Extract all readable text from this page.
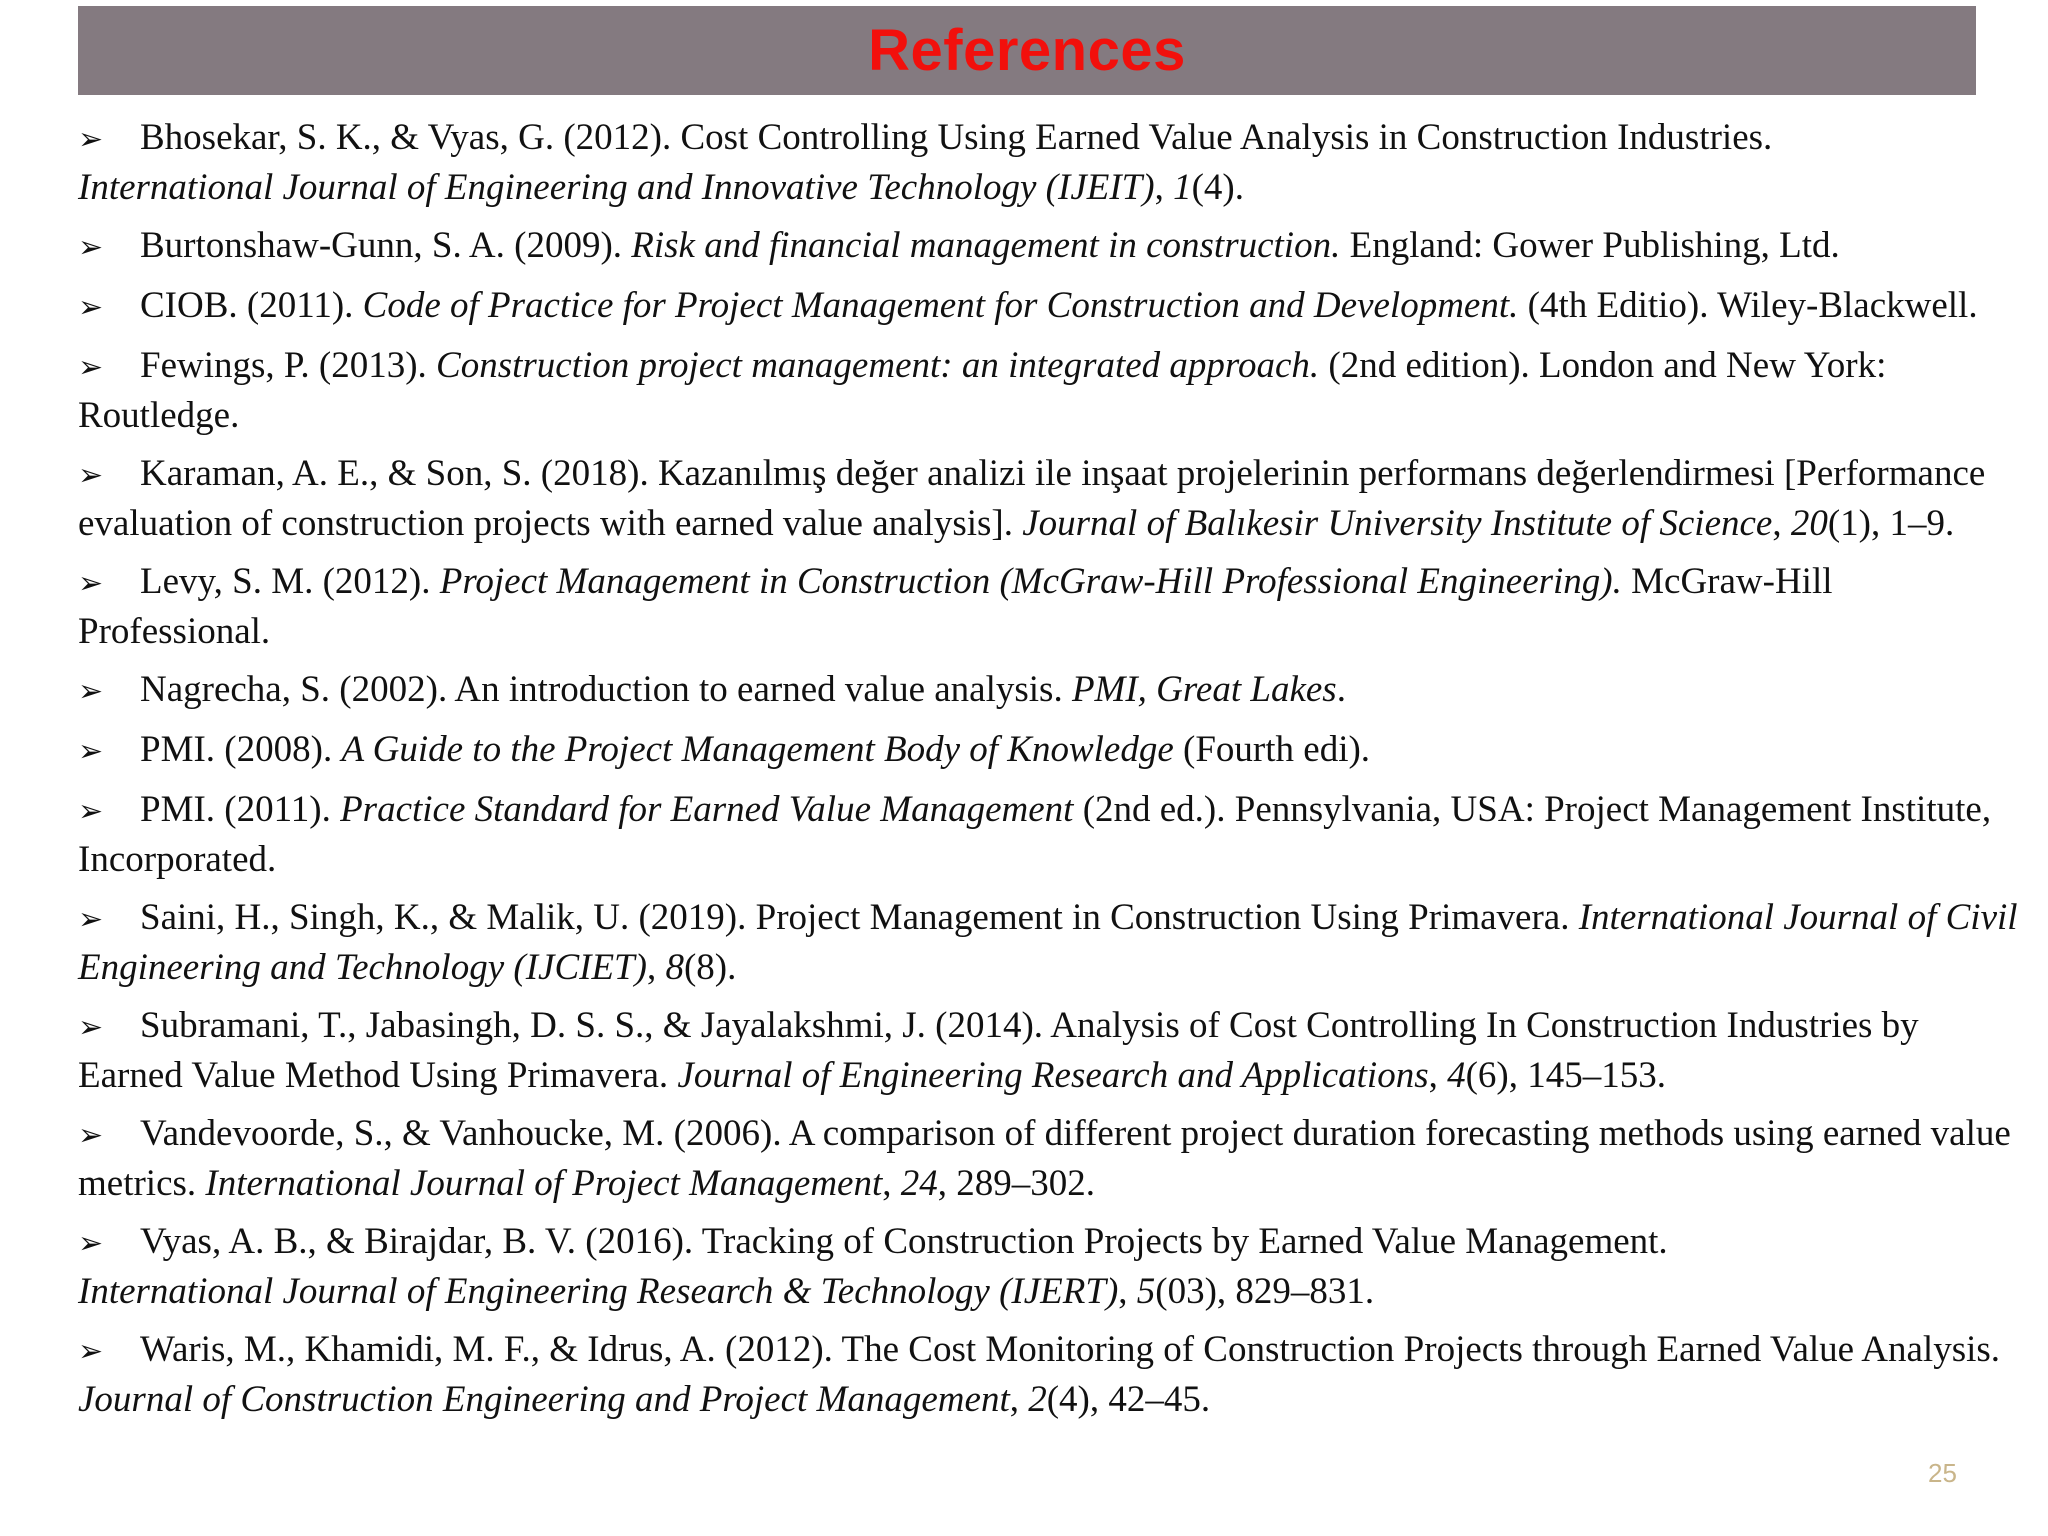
References

➢ Bhosekar, S. K., & Vyas, G. (2012). Cost Controlling Using Earned Value Analysis in Construction Industries.
International Journal of Engineering and Innovative Technology (IJEIT), 1(4).

➢ Burtonshaw-Gunn, S. A. (2009). Risk and financial management in construction. England: Gower Publishing, Ltd.

➢ CIOB. (2011). Code of Practice for Project Management for Construction and Development. (4th Editio). Wiley-Blackwell.

➢ Fewings, P. (2013). Construction project management: an integrated approach. (2nd edition). London and New York: Routledge.

➢ Karaman, A. E., & Son, S. (2018). Kazanılmış değer analizi ile inşaat projelerinin performans değerlendirmesi [Performance evaluation of construction projects with earned value analysis]. Journal of Balıkesir University Institute of Science, 20(1), 1–9.

➢ Levy, S. M. (2012). Project Management in Construction (McGraw-Hill Professional Engineering). McGraw-Hill Professional.

➢ Nagrecha, S. (2002). An introduction to earned value analysis. PMI, Great Lakes.

➢ PMI. (2008). A Guide to the Project Management Body of Knowledge (Fourth edi).

➢ PMI. (2011). Practice Standard for Earned Value Management (2nd ed.). Pennsylvania, USA: Project Management Institute, Incorporated.

➢ Saini, H., Singh, K., & Malik, U. (2019). Project Management in Construction Using Primavera. International Journal of Civil Engineering and Technology (IJCIET), 8(8).

➢ Subramani, T., Jabasingh, D. S. S., & Jayalakshmi, J. (2014). Analysis of Cost Controlling In Construction Industries by Earned Value Method Using Primavera. Journal of Engineering Research and Applications, 4(6), 145–153.

➢ Vandevoorde, S., & Vanhoucke, M. (2006). A comparison of different project duration forecasting methods using earned value metrics. International Journal of Project Management, 24, 289–302.

➢ Vyas, A. B., & Birajdar, B. V. (2016). Tracking of Construction Projects by Earned Value Management.
International Journal of Engineering Research & Technology (IJERT), 5(03), 829–831.

➢ Waris, M., Khamidi, M. F., & Idrus, A. (2012). The Cost Monitoring of Construction Projects through Earned Value Analysis. Journal of Construction Engineering and Project Management, 2(4), 42–45.

25
